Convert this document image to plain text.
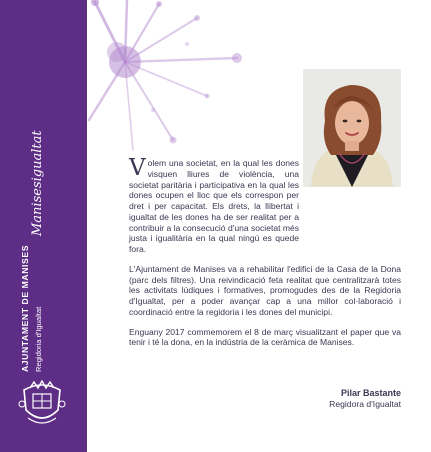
Manisesigualtat
AJUNTAMENT DE MANISES Regidoria d'Igualtat

Volem una societat, en la qual les dones visquen lliures de violència, una societat paritària i participativa en la qual les dones ocupen el lloc que els correspon per dret i per capacitat. Els drets, la llibertat i igualtat de les dones ha de ser realitat per a contribuir a la consecució d'una societat més justa i igualitària en la qual ningú es quede fora.

L'Ajuntament de Manises va a rehabilitar l'edifici de la Casa de la Dona (parc dels filtres). Una reivindicació feta realitat que centralitzarà totes les activitats lúdiques i formatives, promogudes des de la Regidoria d'Igualtat, per a poder avançar cap a una millor col·laboració i coordinació entre la regidoria i les dones del municipi.

Enguany 2017 commemorem el 8 de març visualitzant el paper que va tenir i té la dona, en la indústria de la ceràmica de Manises.

Pilar Bastante
Regidora d'Igualtat
